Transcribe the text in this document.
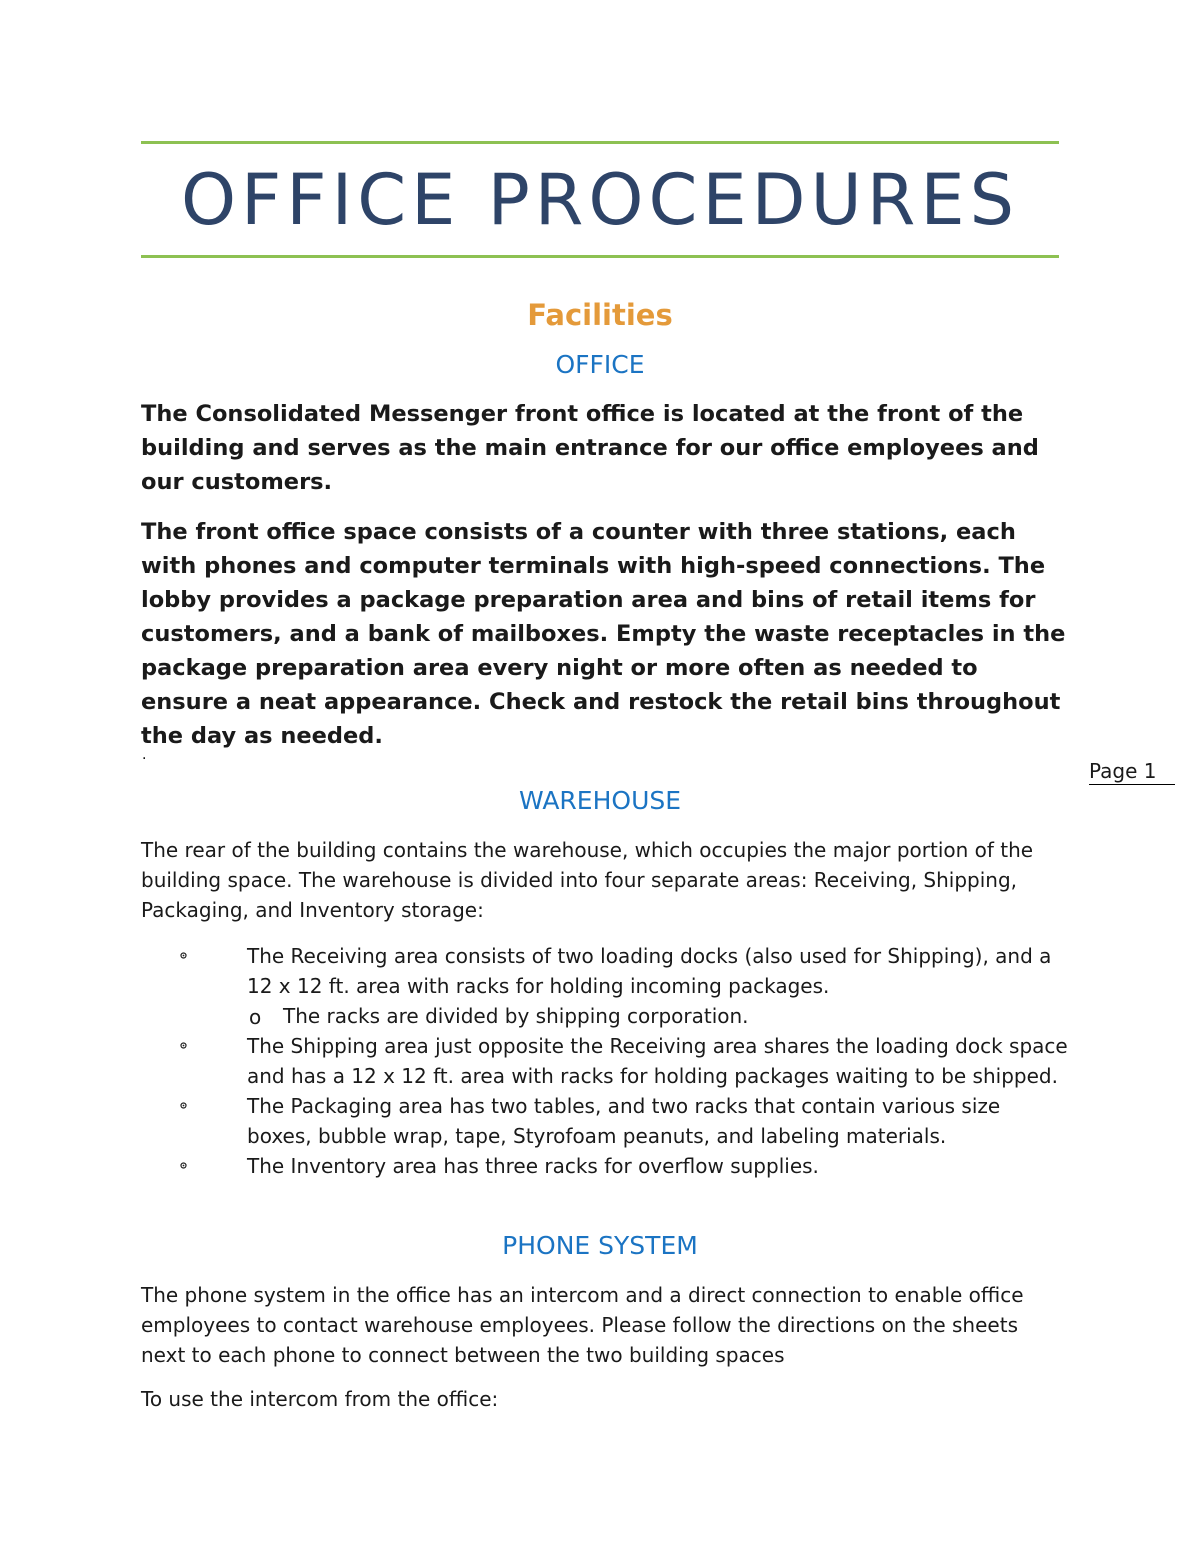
OFFICE PROCEDURES
Facilities
OFFICE

The Consolidated Messenger front office is located at the front of the building and serves as the main entrance for our office employees and our customers.

The front office space consists of a counter with three stations, each with phones and computer terminals with high-speed connections. The lobby provides a package preparation area and bins of retail items for customers, and a bank of mailboxes. Empty the waste receptacles in the package preparation area every night or more often as needed to ensure a neat appearance. Check and restock the retail bins throughout the day as needed.

.
Page 1
WAREHOUSE

The rear of the building contains the warehouse, which occupies the major portion of the building space. The warehouse is divided into four separate areas: Receiving, Shipping, Packaging, and Inventory storage:

The Receiving area consists of two loading docks (also used for Shipping), and a 12 x 12 ft. area with racks for holding incoming packages.
o The racks are divided by shipping corporation.
The Shipping area just opposite the Receiving area shares the loading dock space and has a 12 x 12 ft. area with racks for holding packages waiting to be shipped.
The Packaging area has two tables, and two racks that contain various size boxes, bubble wrap, tape, Styrofoam peanuts, and labeling materials.
The Inventory area has three racks for overflow supplies.
PHONE SYSTEM

The phone system in the office has an intercom and a direct connection to enable office employees to contact warehouse employees. Please follow the directions on the sheets next to each phone to connect between the two building spaces

To use the intercom from the office:
